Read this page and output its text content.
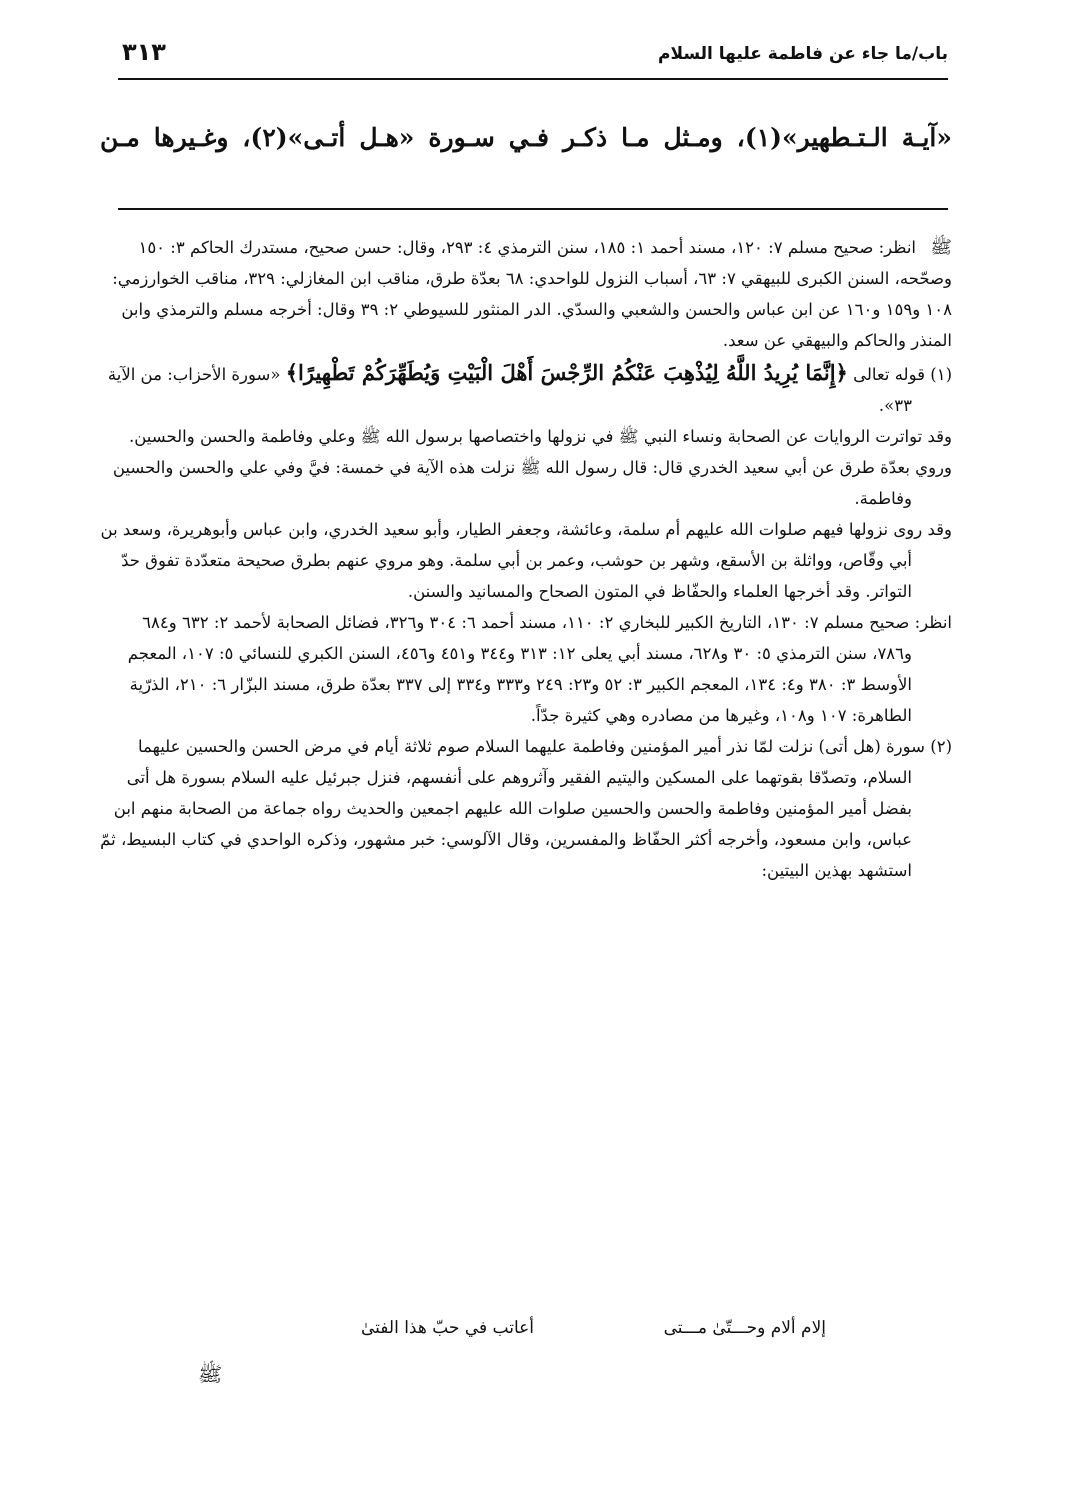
باب/ما جاء عن فاطمة عليها السلام
٣١٣
«آيـة الـتـطهير»(١)، ومـثل مـا ذكـر فـي سـورة «هـل أتـى»(٢)، وغـيرها مـن

ﷺانظر: صحيح مسلم ٧: ١٢٠، مسند أحمد ١: ١٨٥، سنن الترمذي ٤: ٢٩٣، وقال: حسن صحيح، مستدرك الحاكم ٣: ١٥٠ وصحّحه، السنن الكبرى للبيهقي ٧: ٦٣، أسباب النزول للواحدي: ٦٨ بعدّة طرق، مناقب ابن المغازلي: ٣٢٩، مناقب الخوارزمي: ١٠٨ و١٥٩ و١٦٠ عن ابن عباس والحسن والشعبي والسدّي. الدر المنثور للسيوطي ٢: ٣٩ وقال: أخرجه مسلم والترمذي وابن المنذر والحاكم والبيهقي عن سعد.

(١) قوله تعالى ﴿إِنَّمَا يُرِيدُ اللَّهُ لِيُذْهِبَ عَنْكُمُ الرِّجْسَ أَهْلَ الْبَيْتِ وَيُطَهِّرَكُمْ تَطْهِيرًا﴾ «سورة الأحزاب: من الآية ٣٣».

وقد تواترت الروايات عن الصحابة ونساء النبي ﷺ في نزولها واختصاصها برسول الله ﷺ وعلي وفاطمة والحسن والحسين.

وروي بعدّة طرق عن أبي سعيد الخدري قال: قال رسول الله ﷺ نزلت هذه الآية في خمسة: فيَّ وفي علي والحسن والحسين وفاطمة.

وقد روى نزولها فيهم صلوات الله عليهم أم سلمة، وعائشة، وجعفر الطيار، وأبو سعيد الخدري، وابن عباس وأبوهريرة، وسعد بن أبي وقّاص، وواثلة بن الأسقع، وشهر بن حوشب، وعمر بن أبي سلمة. وهو مروي عنهم بطرق صحيحة متعدّدة تفوق حدّ التواتر. وقد أخرجها العلماء والحفّاظ في المتون الصحاح والمسانيد والسنن.

انظر: صحيح مسلم ٧: ١٣٠، التاريخ الكبير للبخاري ٢: ١١٠، مسند أحمد ٦: ٣٠٤ و٣٢٦، فضائل الصحابة لأحمد ٢: ٦٣٢ و٦٨٤ و٧٨٦، سنن الترمذي ٥: ٣٠ و٦٢٨، مسند أبي يعلى ١٢: ٣١٣ و٣٤٤ و٤٥١ و٤٥٦، السنن الكبري للنسائي ٥: ١٠٧، المعجم الأوسط ٣: ٣٨٠ و٤: ١٣٤، المعجم الكبير ٣: ٥٢ و٢٣: ٢٤٩ و٣٣٣ و٣٣٤ إلى ٣٣٧ بعدّة طرق، مسند البزّار ٦: ٢١٠، الذرّية الطاهرة: ١٠٧ و١٠٨، وغيرها من مصادره وهي كثيرة جدّاً.

(٢) سورة (هل أتى) نزلت لمّا نذر أمير المؤمنين وفاطمة عليهما السلام صوم ثلاثة أيام في مرض الحسن والحسين عليهما السلام، وتصدّقا بقوتهما على المسكين واليتيم الفقير وآثروهم على أنفسهم، فنزل جبرئيل عليه السلام بسورة هل أتى بفضل أمير المؤمنين وفاطمة والحسن والحسين صلوات الله عليهم اجمعين والحديث رواه جماعة من الصحابة منهم ابن عباس، وابن مسعود، وأخرجه أكثر الحفّاظ والمفسرين، وقال الآلوسي: خبر مشهور، وذكره الواحدي في كتاب البسيط، ثمّ استشهد بهذين البيتين:

إلام ألام وحـــتّىٰ مـــتى
أعاتب في حبّ هذا الفتىٰ
ﷺ
